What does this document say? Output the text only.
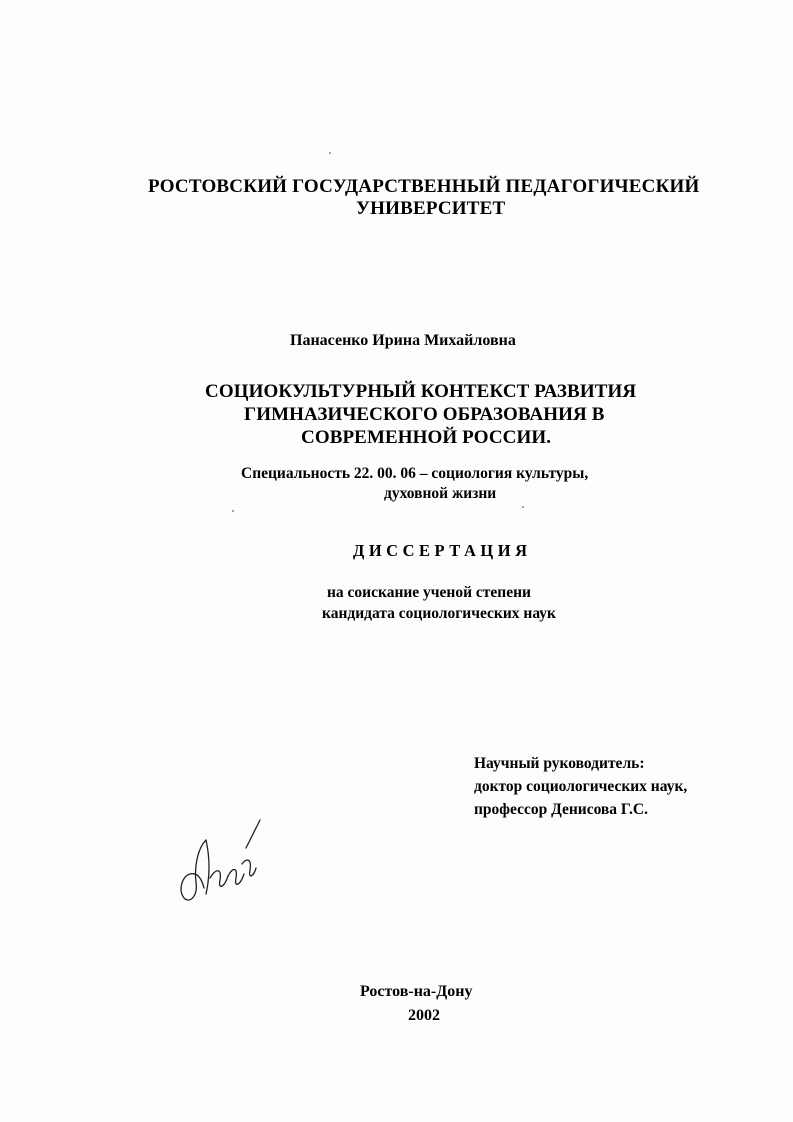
РОСТОВСКИЙ ГОСУДАРСТВЕННЫЙ ПЕДАГОГИЧЕСКИЙ
УНИВЕРСИТЕТ
Панасенко Ирина Михайловна
СОЦИОКУЛЬТУРНЫЙ КОНТЕКСТ РАЗВИТИЯ
ГИМНАЗИЧЕСКОГО ОБРАЗОВАНИЯ В
СОВРЕМЕННОЙ РОССИИ.
Специальность 22. 00. 06 – социология культуры,
духовной жизни
ДИССЕРТАЦИЯ
на соискание ученой степени
кандидата социологических наук
Научный руководитель:
доктор социологических наук,
профессор Денисова Г.С.
Ростов-на-Дону
2002
